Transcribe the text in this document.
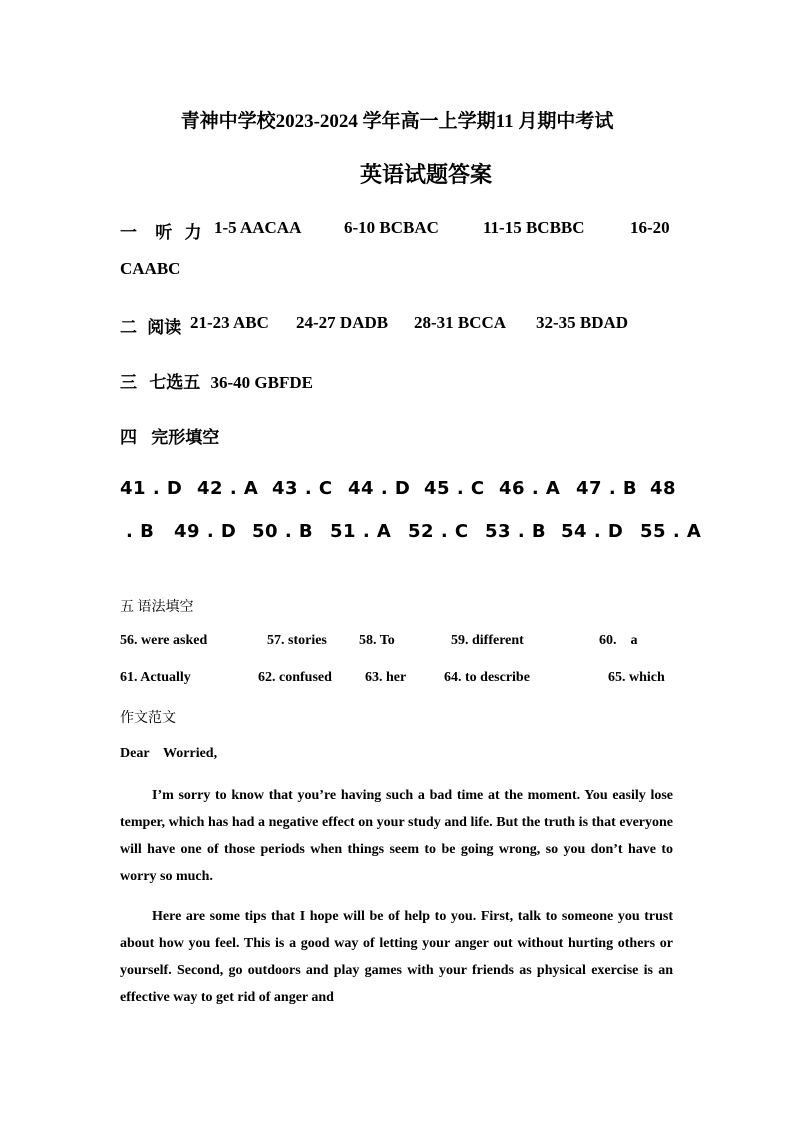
青神中学校2023-2024 学年高一上学期11 月期中考试
英语试题答案
一 听 力 1-5 AACAA	6-10 BCBAC	11-15 BCBBC	16-20
CAABC
二 阅读 21-23 ABC 24-27 DADB 28-31 BCCA 32-35 BDAD
三 七选五 36-40 GBFDE
四 完形填空
41 . D 42 . A 43 . C 44 . D 45 . C 46 . A 47 . B 48
. B 49 . D 50 . B 51 . A 52 . C 53 . B 54 . D 55 . A
五 语法填空
56. were asked	57. stories 58. To	59. different	60.    a
61. Actually	62. confused 63. her	64. to describe	65. which
作文范文
Dear    Worried,
I’m sorry to know that you’re having such a bad time at the moment. You easily lose temper, which has had a negative effect on your study and life. But the truth is that everyone will have one of those periods when things seem to be going wrong, so you don’t have to worry so much.
Here are some tips that I hope will be of help to you. First, talk to someone you trust about how you feel. This is a good way of letting your anger out without hurting others or yourself. Second, go outdoors and play games with your friends as physical exercise is an effective way to get rid of anger and
